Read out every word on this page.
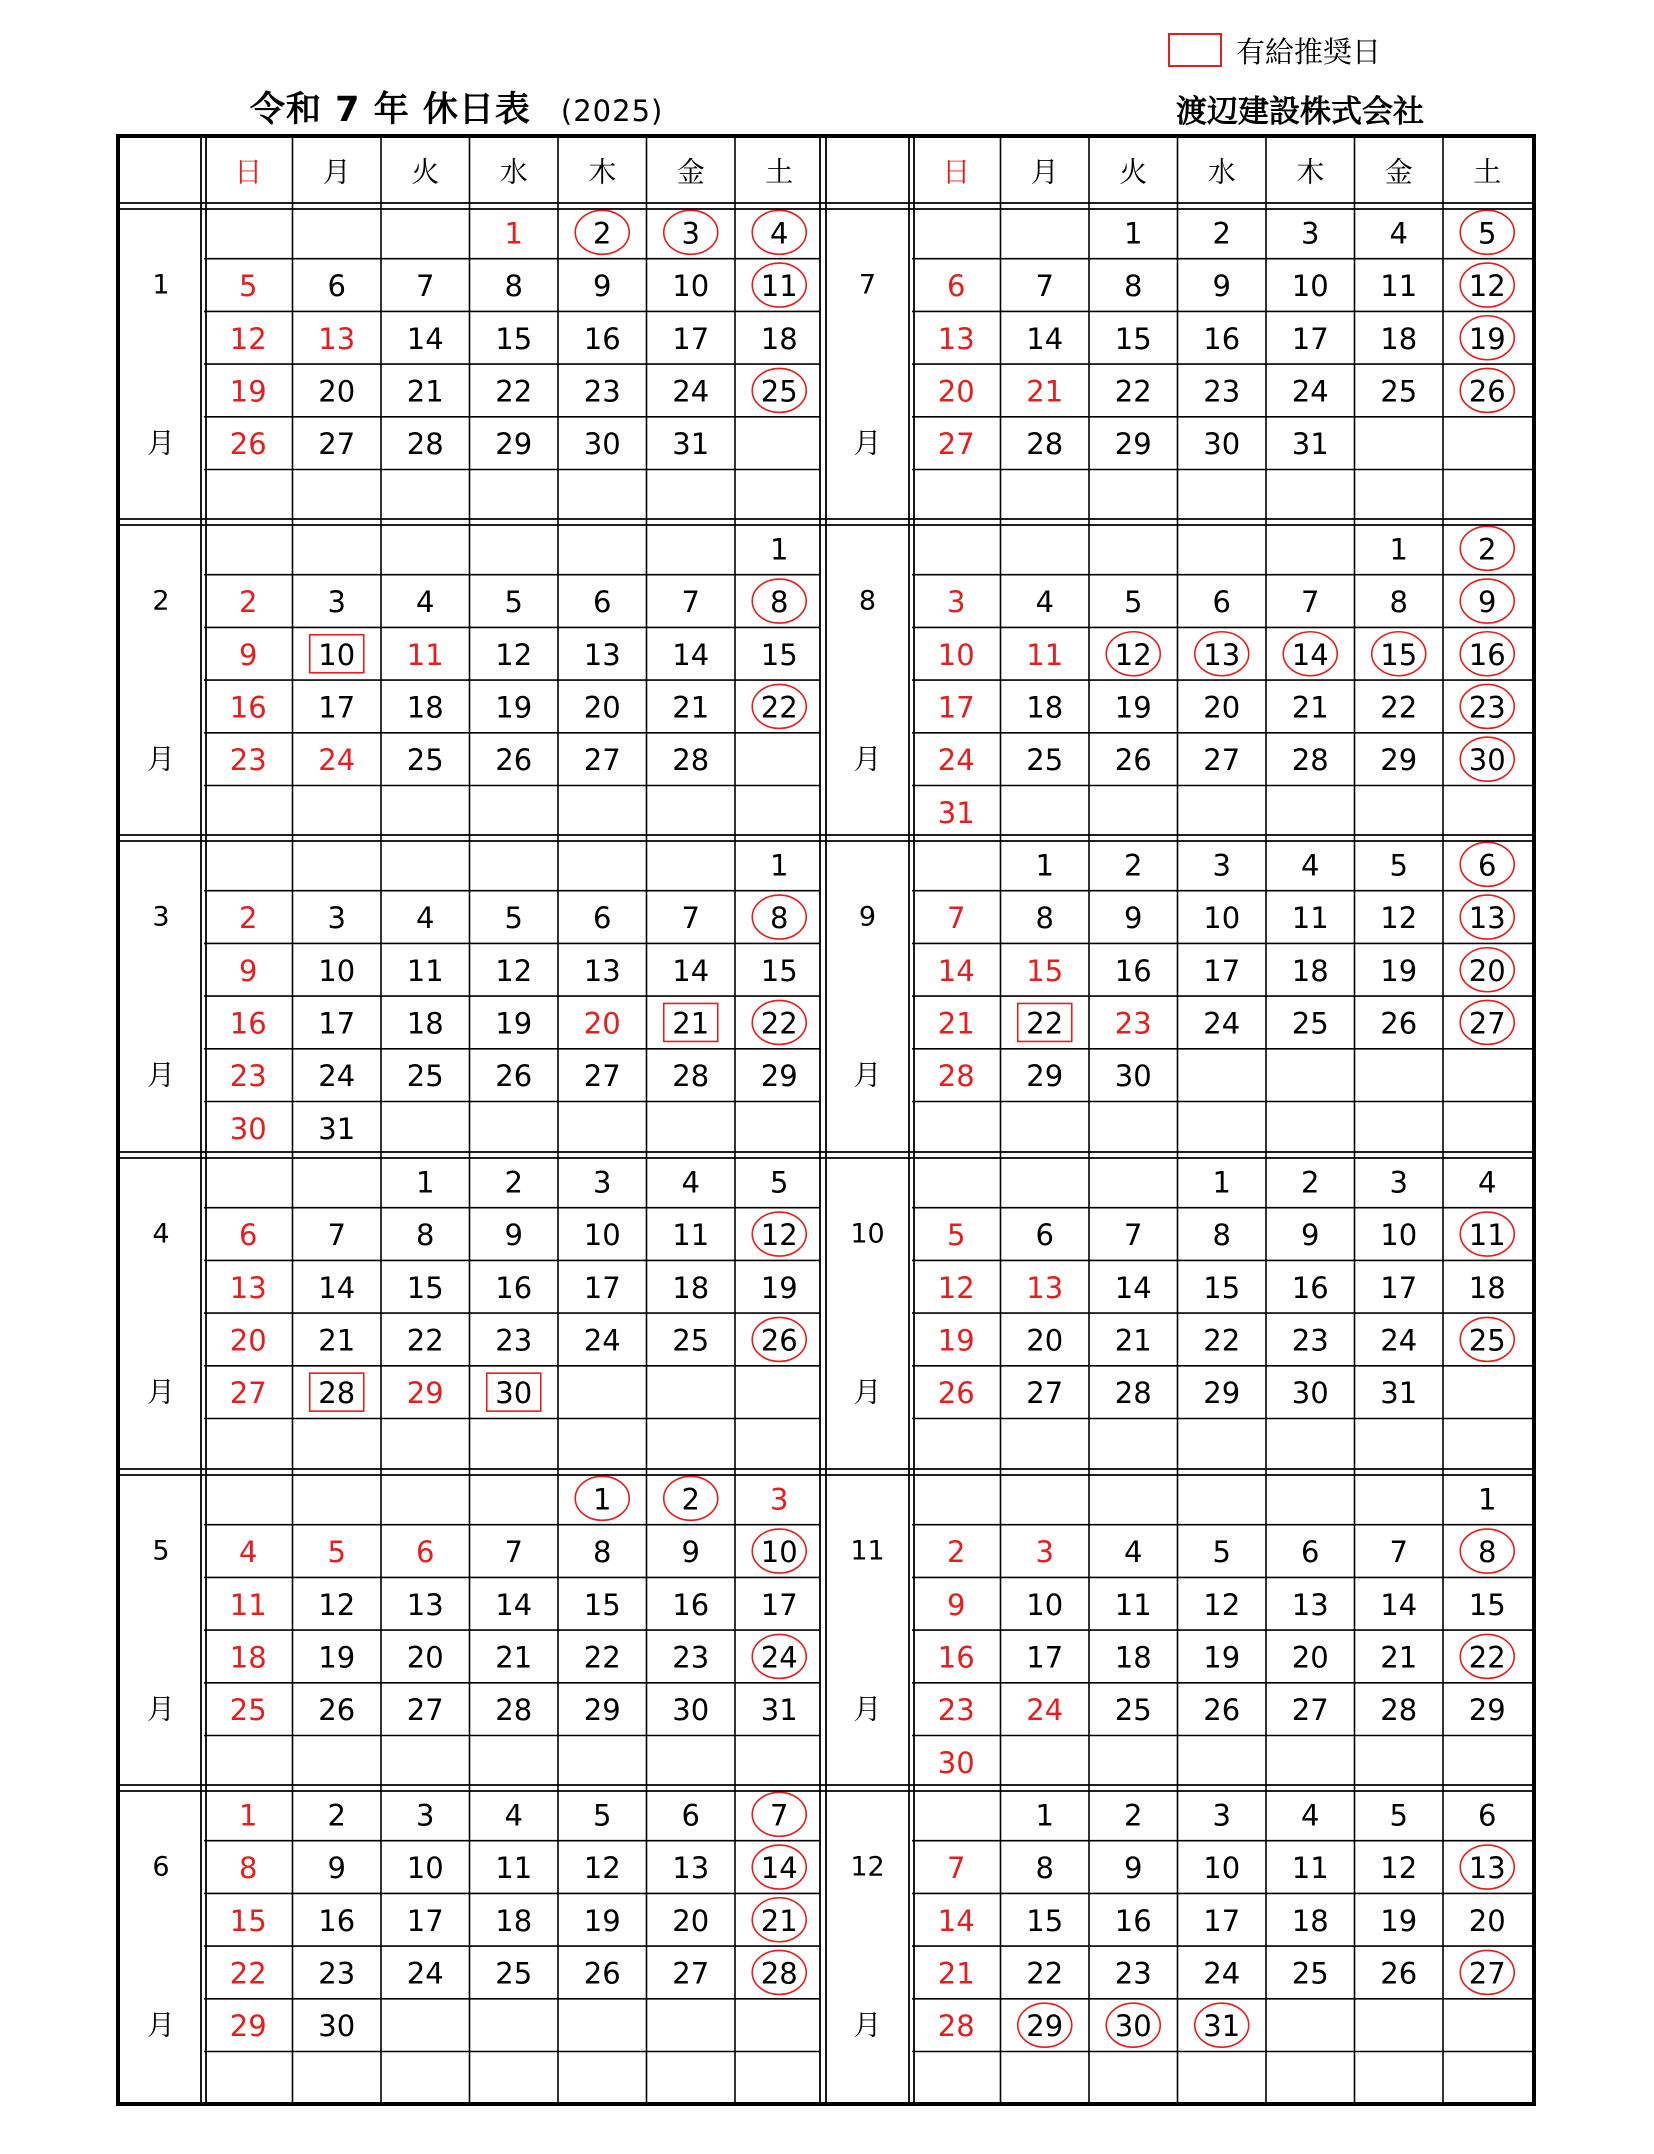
有給推奨日
令和 7 年 休日表 (2025)	渡辺建設株式会社
日 月 火 水 木 金 土	日 月 火 水 木 金 土
1
月
1 2 3 4
5 6 7 8 9 10 11
12 13 14 15 16 17 18
19 20 21 22 23 24 25
26 27 28 29 30 31
2
月
1
2 3 4 5 6 7 8
9 10 11 12 13 14 15
16 17 18 19 20 21 22
23 24 25 26 27 28
3
月
1
2 3 4 5 6 7 8
9 10 11 12 13 14 15
16 17 18 19 20 21 22
23 24 25 26 27 28 29
30 31
4
月
1 2 3 4 5
6 7 8 9 10 11 12
13 14 15 16 17 18 19
20 21 22 23 24 25 26
27 28 29 30
5
月
1 2 3
4 5 6 7 8 9 10
11 12 13 14 15 16 17
18 19 20 21 22 23 24
25 26 27 28 29 30 31
6
月
1 2 3 4 5 6 7
8 9 10 11 12 13 14
15 16 17 18 19 20 21
22 23 24 25 26 27 28
29 30
7
月
1 2 3 4 5
6 7 8 9 10 11 12
13 14 15 16 17 18 19
20 21 22 23 24 25 26
27 28 29 30 31
8
月
1 2
3 4 5 6 7 8 9
10 11 12 13 14 15 16
17 18 19 20 21 22 23
24 25 26 27 28 29 30
31
9
月
1 2 3 4 5 6
7 8 9 10 11 12 13
14 15 16 17 18 19 20
21 22 23 24 25 26 27
28 29 30
10
月
1 2 3 4
5 6 7 8 9 10 11
12 13 14 15 16 17 18
19 20 21 22 23 24 25
26 27 28 29 30 31
11
月
1
2 3 4 5 6 7 8
9 10 11 12 13 14 15
16 17 18 19 20 21 22
23 24 25 26 27 28 29
30
12
月
1 2 3 4 5 6
7 8 9 10 11 12 13
14 15 16 17 18 19 20
21 22 23 24 25 26 27
28 29 30 31
